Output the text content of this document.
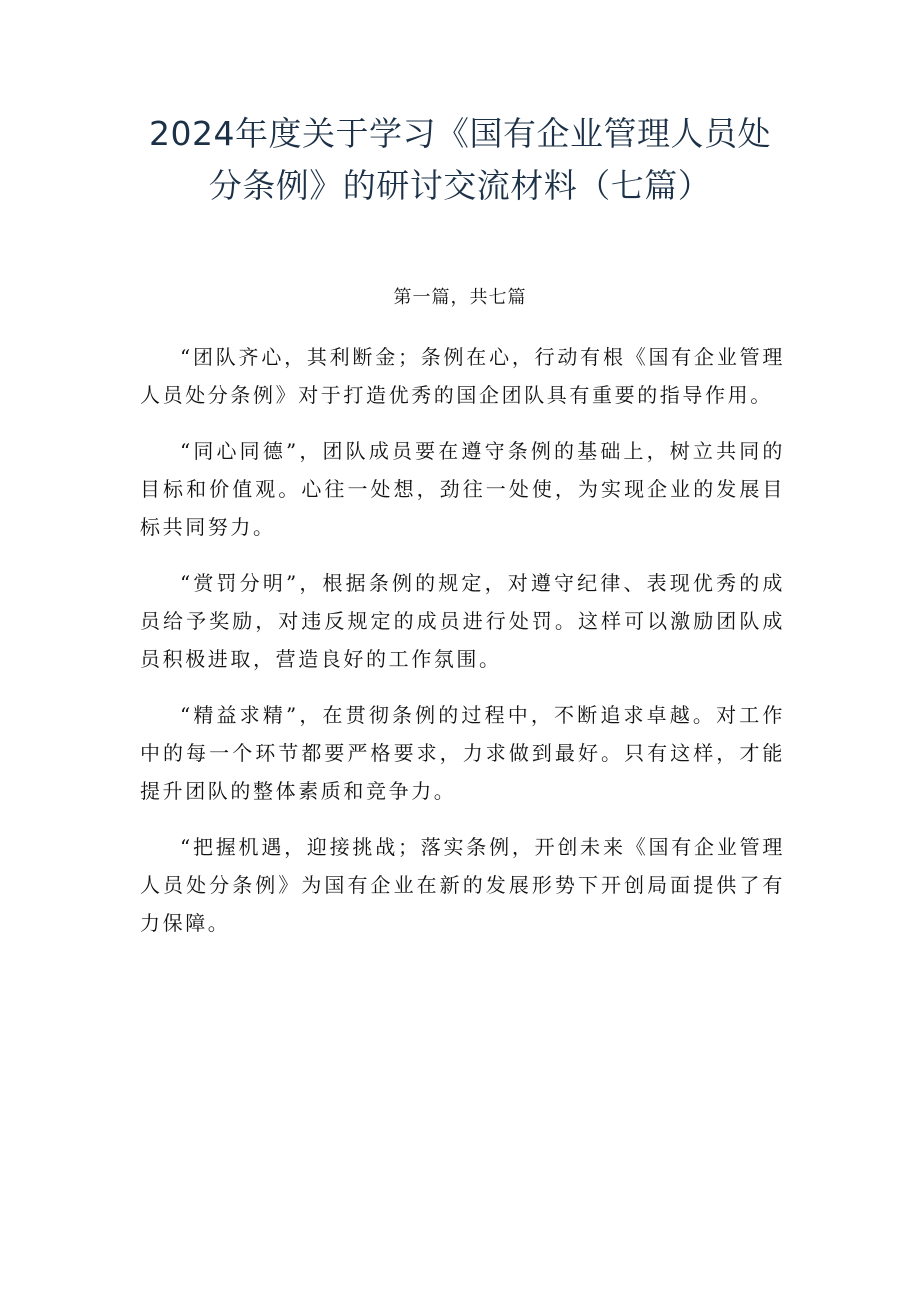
2024年度关于学习《国有企业管理人员处
分条例》的研讨交流材料（七篇）
第一篇，共七篇

“团队齐心，其利断金；条例在心，行动有根《国有企业管理人员处分条例》对于打造优秀的国企团队具有重要的指导作用。

“同心同德”，团队成员要在遵守条例的基础上，树立共同的目标和价值观。心往一处想，劲往一处使，为实现企业的发展目标共同努力。

“赏罚分明”，根据条例的规定，对遵守纪律、表现优秀的成员给予奖励，对违反规定的成员进行处罚。这样可以激励团队成员积极进取，营造良好的工作氛围。

“精益求精”，在贯彻条例的过程中，不断追求卓越。对工作中的每一个环节都要严格要求，力求做到最好。只有这样，才能提升团队的整体素质和竞争力。

“把握机遇，迎接挑战；落实条例，开创未来《国有企业管理人员处分条例》为国有企业在新的发展形势下开创局面提供了有力保障。
